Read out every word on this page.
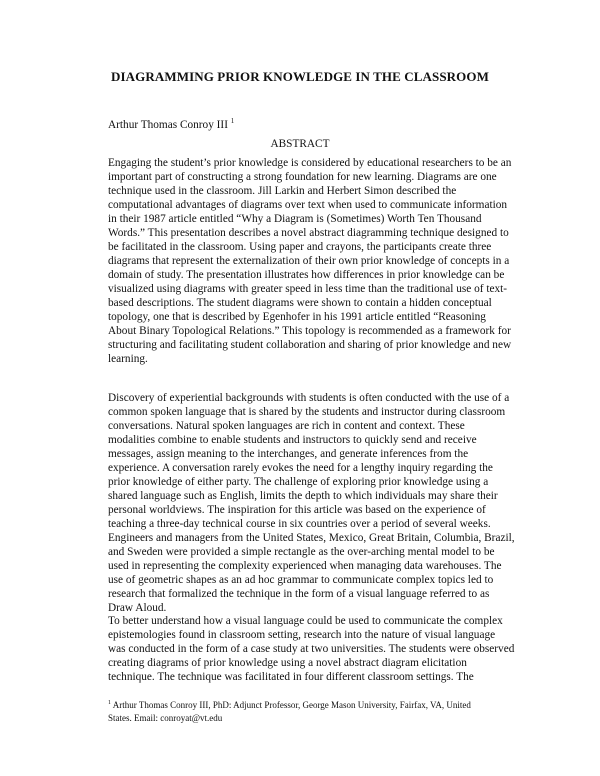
DIAGRAMMING PRIOR KNOWLEDGE IN THE CLASSROOM
Arthur Thomas Conroy III $^1$
ABSTRACT
Engaging the student’s prior knowledge is considered by educational researchers to be an
important part of constructing a strong foundation for new learning. Diagrams are one
technique used in the classroom. Jill Larkin and Herbert Simon described the
computational advantages of diagrams over text when used to communicate information
in their 1987 article entitled “Why a Diagram is (Sometimes) Worth Ten Thousand
Words.” This presentation describes a novel abstract diagramming technique designed to
be facilitated in the classroom. Using paper and crayons, the participants create three
diagrams that represent the externalization of their own prior knowledge of concepts in a
domain of study. The presentation illustrates how differences in prior knowledge can be
visualized using diagrams with greater speed in less time than the traditional use of text-
based descriptions. The student diagrams were shown to contain a hidden conceptual
topology, one that is described by Egenhofer in his 1991 article entitled “Reasoning
About Binary Topological Relations.” This topology is recommended as a framework for
structuring and facilitating student collaboration and sharing of prior knowledge and new
learning.
Discovery of experiential backgrounds with students is often conducted with the use of a
common spoken language that is shared by the students and instructor during classroom
conversations. Natural spoken languages are rich in content and context. These
modalities combine to enable students and instructors to quickly send and receive
messages, assign meaning to the interchanges, and generate inferences from the
experience. A conversation rarely evokes the need for a lengthy inquiry regarding the
prior knowledge of either party. The challenge of exploring prior knowledge using a
shared language such as English, limits the depth to which individuals may share their
personal worldviews. The inspiration for this article was based on the experience of
teaching a three-day technical course in six countries over a period of several weeks.
Engineers and managers from the United States, Mexico, Great Britain, Columbia, Brazil,
and Sweden were provided a simple rectangle as the over-arching mental model to be
used in representing the complexity experienced when managing data warehouses. The
use of geometric shapes as an ad hoc grammar to communicate complex topics led to
research that formalized the technique in the form of a visual language referred to as
Draw Aloud.
To better understand how a visual language could be used to communicate the complex
epistemologies found in classroom setting, research into the nature of visual language
was conducted in the form of a case study at two universities. The students were observed
creating diagrams of prior knowledge using a novel abstract diagram elicitation
technique. The technique was facilitated in four different classroom settings. The
$^1$ Arthur Thomas Conroy III, PhD: Adjunct Professor, George Mason University, Fairfax, VA, United
States. Email: conroyat@vt.edu
